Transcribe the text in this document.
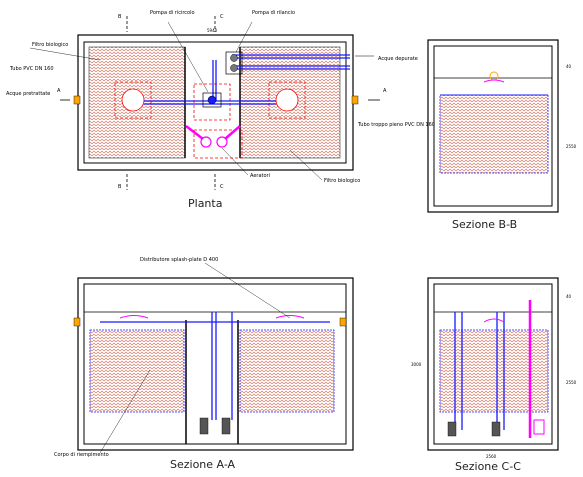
B
B
C
C
A	A
5940
Filtro biologico
Tubo PVC DN 160
Acque pretrattate
Pompa di ricircolo	Pompa di rilancio
Acque depurate
Tubo troppo pieno PVC DN 160
Aeratori
Filtro biologico
Planta
40
2550
Sezione B-B
Distributore splash-plate D 400
Corpo di riempimento
Sezione A-A
40
2550
3000
2560
Sezione C-C
